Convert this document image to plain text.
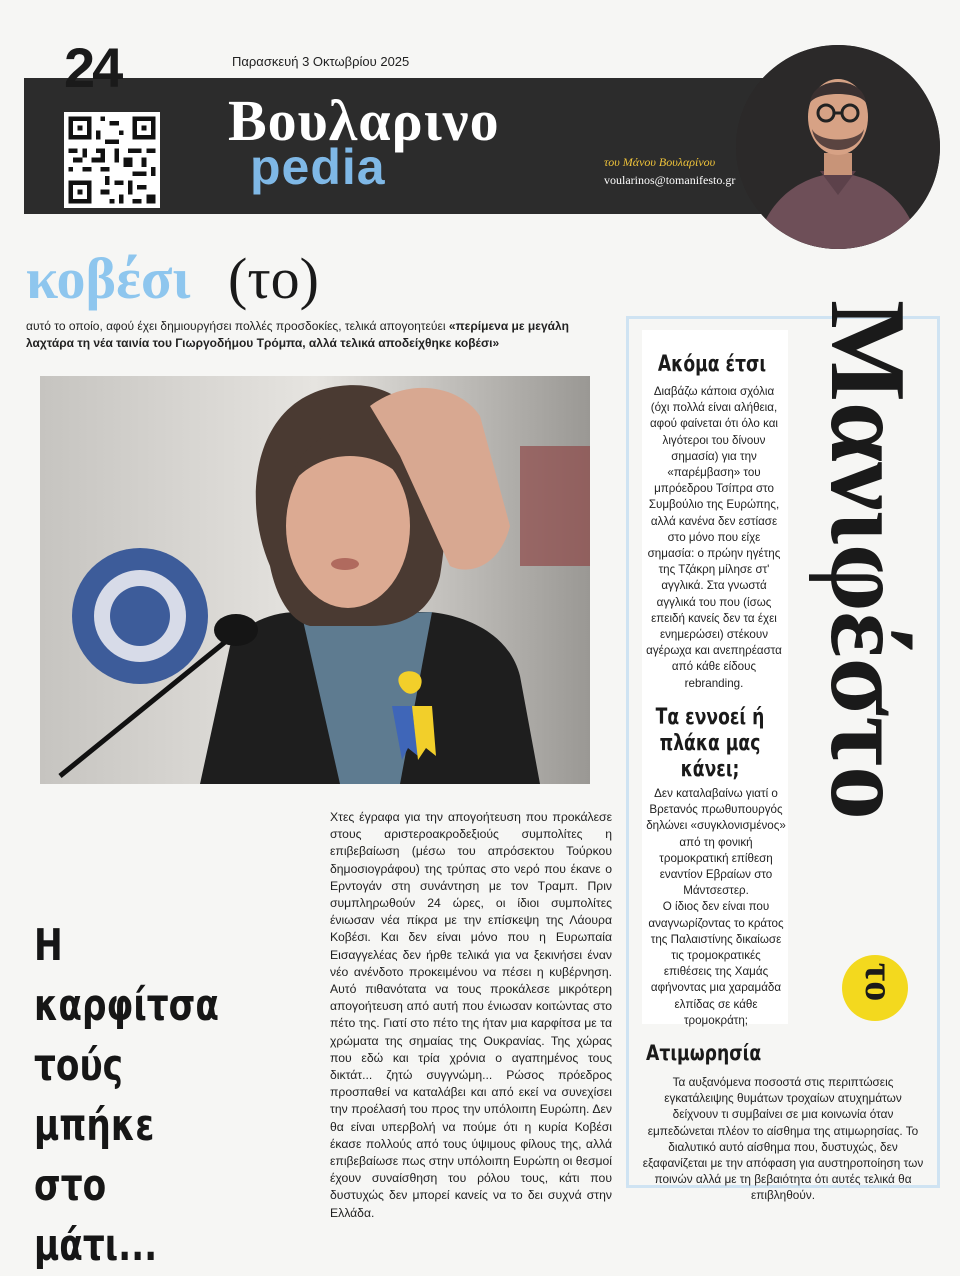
24	Παρασκευή 3 Οκτωβρίου 2025
Βουλαρινο
pedia	του Μάνου Βουλαρίνου
voularinos@tomanifesto.gr
κοβέσι (το)
αυτό το οποίο, αφού έχει δημιουργήσει πολλές προσδοκίες, τελικά απογοητεύει «περίμενα με μεγάλη λαχτάρα τη νέα ταινία του Γιωργοδήμου Τρόμπα, αλλά τελικά αποδείχθηκε κοβέσι»
Η καρφίτσα τούς μπήκε στο μάτι...
Χτες έγραφα για την απογοήτευση που προκάλεσε στους αριστεροακροδεξιούς συμπολίτες η επιβεβαίωση (μέσω του απρόσεκτου Τούρκου δημοσιογράφου) της τρύπας στο νερό που έκανε ο Ερντογάν στη συνάντηση με τον Τραμπ. Πριν συμπληρωθούν 24 ώρες, οι ίδιοι συμπολίτες ένιωσαν νέα πίκρα με την επίσκεψη της Λάουρα Κοβέσι. Και δεν είναι μόνο που η Ευρωπαία Εισαγγελέας δεν ήρθε τελικά για να ξεκινήσει έναν νέο ανένδοτο προκειμένου να πέσει η κυβέρνηση. Αυτό πιθανότατα να τους προκάλεσε μικρότερη απογοήτευση από αυτή που ένιωσαν κοιτώντας στο πέτο της. Γιατί στο πέτο της ήταν μια καρφίτσα με τα χρώματα της σημαίας της Ουκρανίας. Της χώρας που εδώ και τρία χρόνια ο αγαπημένος τους δικτάτ... ζητώ συγγνώμη... Ρώσος πρόεδρος προσπαθεί να καταλάβει και από εκεί να συνεχίσει την προέλασή του προς την υπόλοιπη Ευρώπη. Δεν θα είναι υπερβολή να πούμε ότι η κυρία Κοβέσι έκασε πολλούς από τους ύψιμους φίλους της, αλλά επιβεβαίωσε πως στην υπόλοιπη Ευρώπη οι θεσμοί έχουν συναίσθηση του ρόλου τους, κάτι που δυστυχώς δεν μπορεί κανείς να το δει συχνά στην Ελλάδα.
Ακόμα έτσι
Διαβάζω κάποια σχόλια (όχι πολλά είναι αλήθεια, αφού φαίνεται ότι όλο και λιγότεροι του δίνουν σημασία) για την «παρέμβαση» του μπρόεδρου Τσίπρα στο Συμβούλιο της Ευρώπης, αλλά κανένα δεν εστίασε στο μόνο που είχε σημασία: ο πρώην ηγέτης της Τζάκρη μίλησε στ' αγγλικά. Στα γνωστά αγγλικά του που (ίσως επειδή κανείς δεν τα έχει ενημερώσει) στέκουν αγέρωχα και ανεπηρέαστα από κάθε είδους rebranding.
Τα εννοεί ή πλάκα μας κάνει;
Δεν καταλαβαίνω γιατί ο Βρετανός πρωθυπουργός δηλώνει «συγκλονισμένος» από τη φονική τρομοκρατική επίθεση εναντίον Εβραίων στο Μάντσεστερ.
Ο ίδιος δεν είναι που αναγνωρίζοντας το κράτος της Παλαιστίνης δικαίωσε τις τρομοκρατικές επιθέσεις της Χαμάς αφήνοντας μια χαραμάδα ελπίδας σε κάθε τρομοκράτη;
Μανιφέστο
το
Ατιμωρησία
Τα αυξανόμενα ποσοστά στις περιπτώσεις εγκατάλειψης θυμάτων τροχαίων ατυχημάτων δείχνουν τι συμβαίνει σε μια κοινωνία όταν εμπεδώνεται πλέον το αίσθημα της ατιμωρησίας. Το διαλυτικό αυτό αίσθημα που, δυστυχώς, δεν εξαφανίζεται με την απόφαση για αυστηροποίηση των ποινών αλλά με τη βεβαιότητα ότι αυτές τελικά θα επιβληθούν.
